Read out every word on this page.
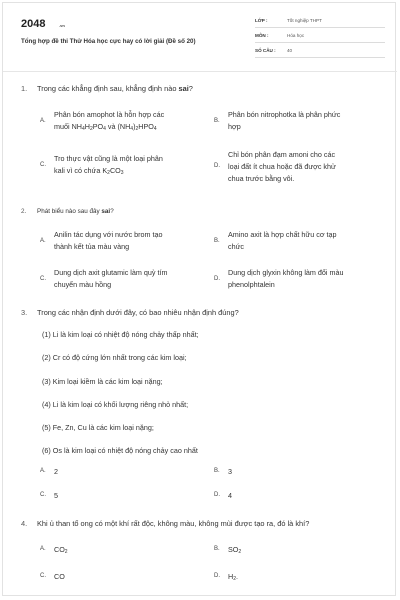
2048	.vn
Tổng hợp đề thi Thử Hóa học cực hay có lời giải (Đề số 20)
LỚP :	Tốt nghiệp THPT
MÔN :	Hóa học
SỐ CÂU : 40
1. Trong các khẳng định sau, khẳng định nào sai?
A.
Phân bón amophot là hỗn hợp các
muối $NH_4H_2PO_4$ và $(NH_4)_2HPO_4$
B.
Phân bón nitrophotka là phân phức
hợp
C.
Tro thực vật cũng là một loại phân
kali vì có chứa $K_2CO_3$
D.
Chỉ bón phân đạm amoni cho các
loại đất ít chua hoặc đã được khử
chua trước bằng vôi.
2. Phát biểu nào sau đây sai?
A.
Anilin tác dụng với nước brom tạo
thành kết tủa màu vàng
B.
Amino axit là hợp chất hữu cơ tạp
chức
C.
Dung dịch axit glutamic làm quỳ tím
chuyển màu hồng
D.
Dung dịch glyxin không làm đổi màu
phenolphtalein
3. Trong các nhận định dưới đây, có bao nhiêu nhận định đúng?
(1) Li là kim loại có nhiệt độ nóng chảy thấp nhất;
(2) Cr có độ cứng lớn nhất trong các kim loại;
(3) Kim loại kiềm là các kim loại nặng;
(4) Li là kim loại có khối lượng riêng nhỏ nhất;
(5) Fe, Zn, Cu là các kim loại nặng;
(6) Os là kim loại có nhiệt độ nóng chảy cao nhất
A. 2	B. 3
C. 5	D. 4
4. Khi ủ than tổ ong có một khí rất độc, không màu, không mùi được tạo ra, đó là khí?
A. $CO_2$	B. $SO_2$
C. CO	D. $H_2$.
